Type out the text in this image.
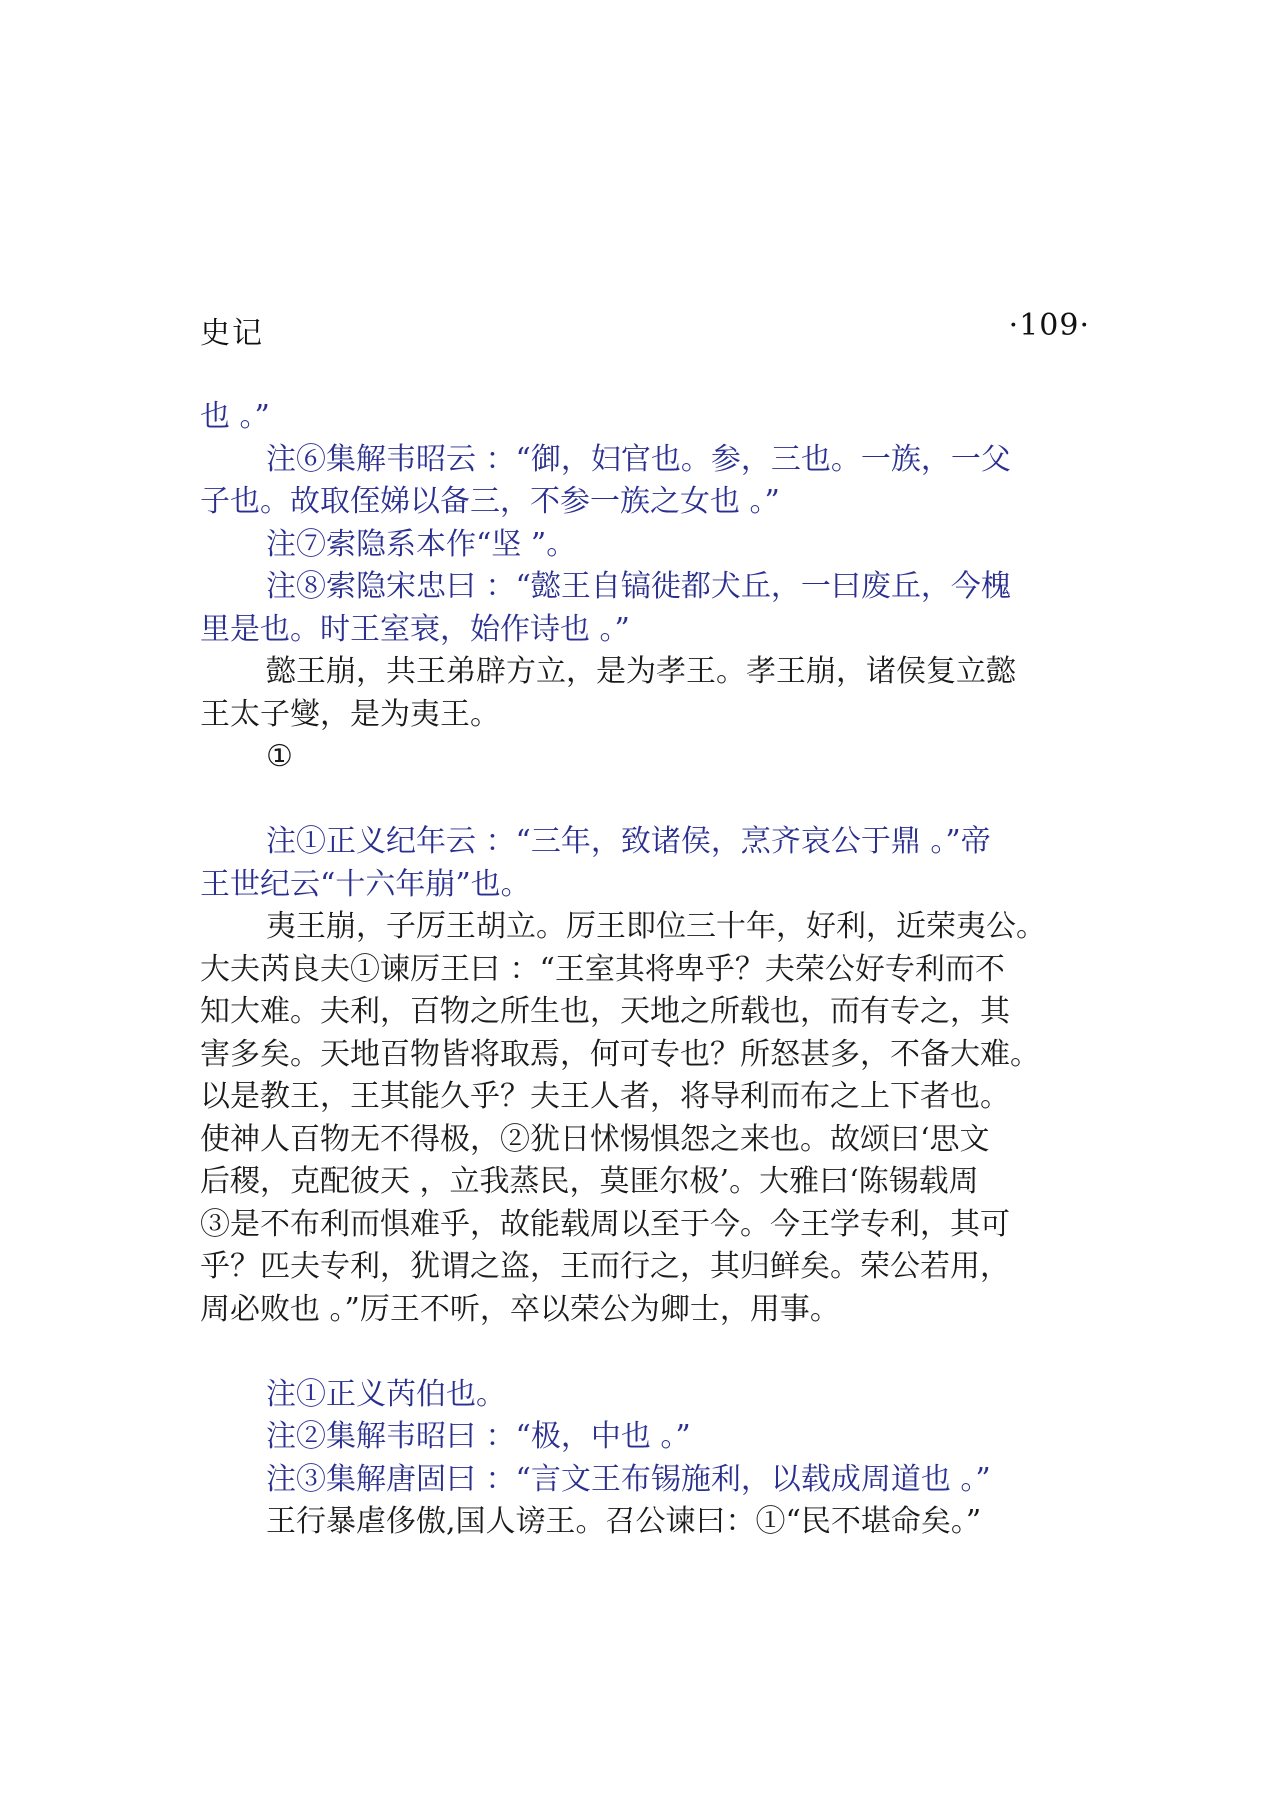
史记	·109·
也 。”
注⑥集解韦昭云 ：“御，妇官也。参，三也。一族，一父
子也。故取侄娣以备三，不参一族之女也 。”
注⑦索隐系本作“坚 ”。
注⑧索隐宋忠曰 ：“懿王自镐徙都犬丘，一曰废丘，今槐
里是也。时王室衰，始作诗也 。”
懿王崩，共王弟辟方立，是为孝王。孝王崩，诸侯复立懿
王太子燮，是为夷王。
①
注①正义纪年云 ：“三年，致诸侯，烹齐哀公于鼎 。”帝
王世纪云“十六年崩”也。
夷王崩，子厉王胡立。厉王即位三十年，好利，近荣夷公。
大夫芮良夫①谏厉王曰 ：“王室其将卑乎？夫荣公好专利而不
知大难。夫利，百物之所生也，天地之所载也，而有专之，其
害多矣。天地百物皆将取焉，何可专也？所怒甚多，不备大难。
以是教王，王其能久乎？夫王人者，将导利而布之上下者也。
使神人百物无不得极，②犹日怵惕惧怨之来也。故颂曰‘思文
后稷，克配彼天 ，立我蒸民，莫匪尔极’。大雅曰‘陈锡载周
③是不布利而惧难乎，故能载周以至于今。今王学专利，其可
乎？匹夫专利，犹谓之盗，王而行之，其归鲜矣。荣公若用，
周必败也 。”厉王不听，卒以荣公为卿士，用事。
注①正义芮伯也。
注②集解韦昭曰 ：“极，中也 。”
注③集解唐固曰 ：“言文王布锡施利，以载成周道也 。”
王行暴虐侈傲,国人谤王。召公谏曰：①“民不堪命矣。”
